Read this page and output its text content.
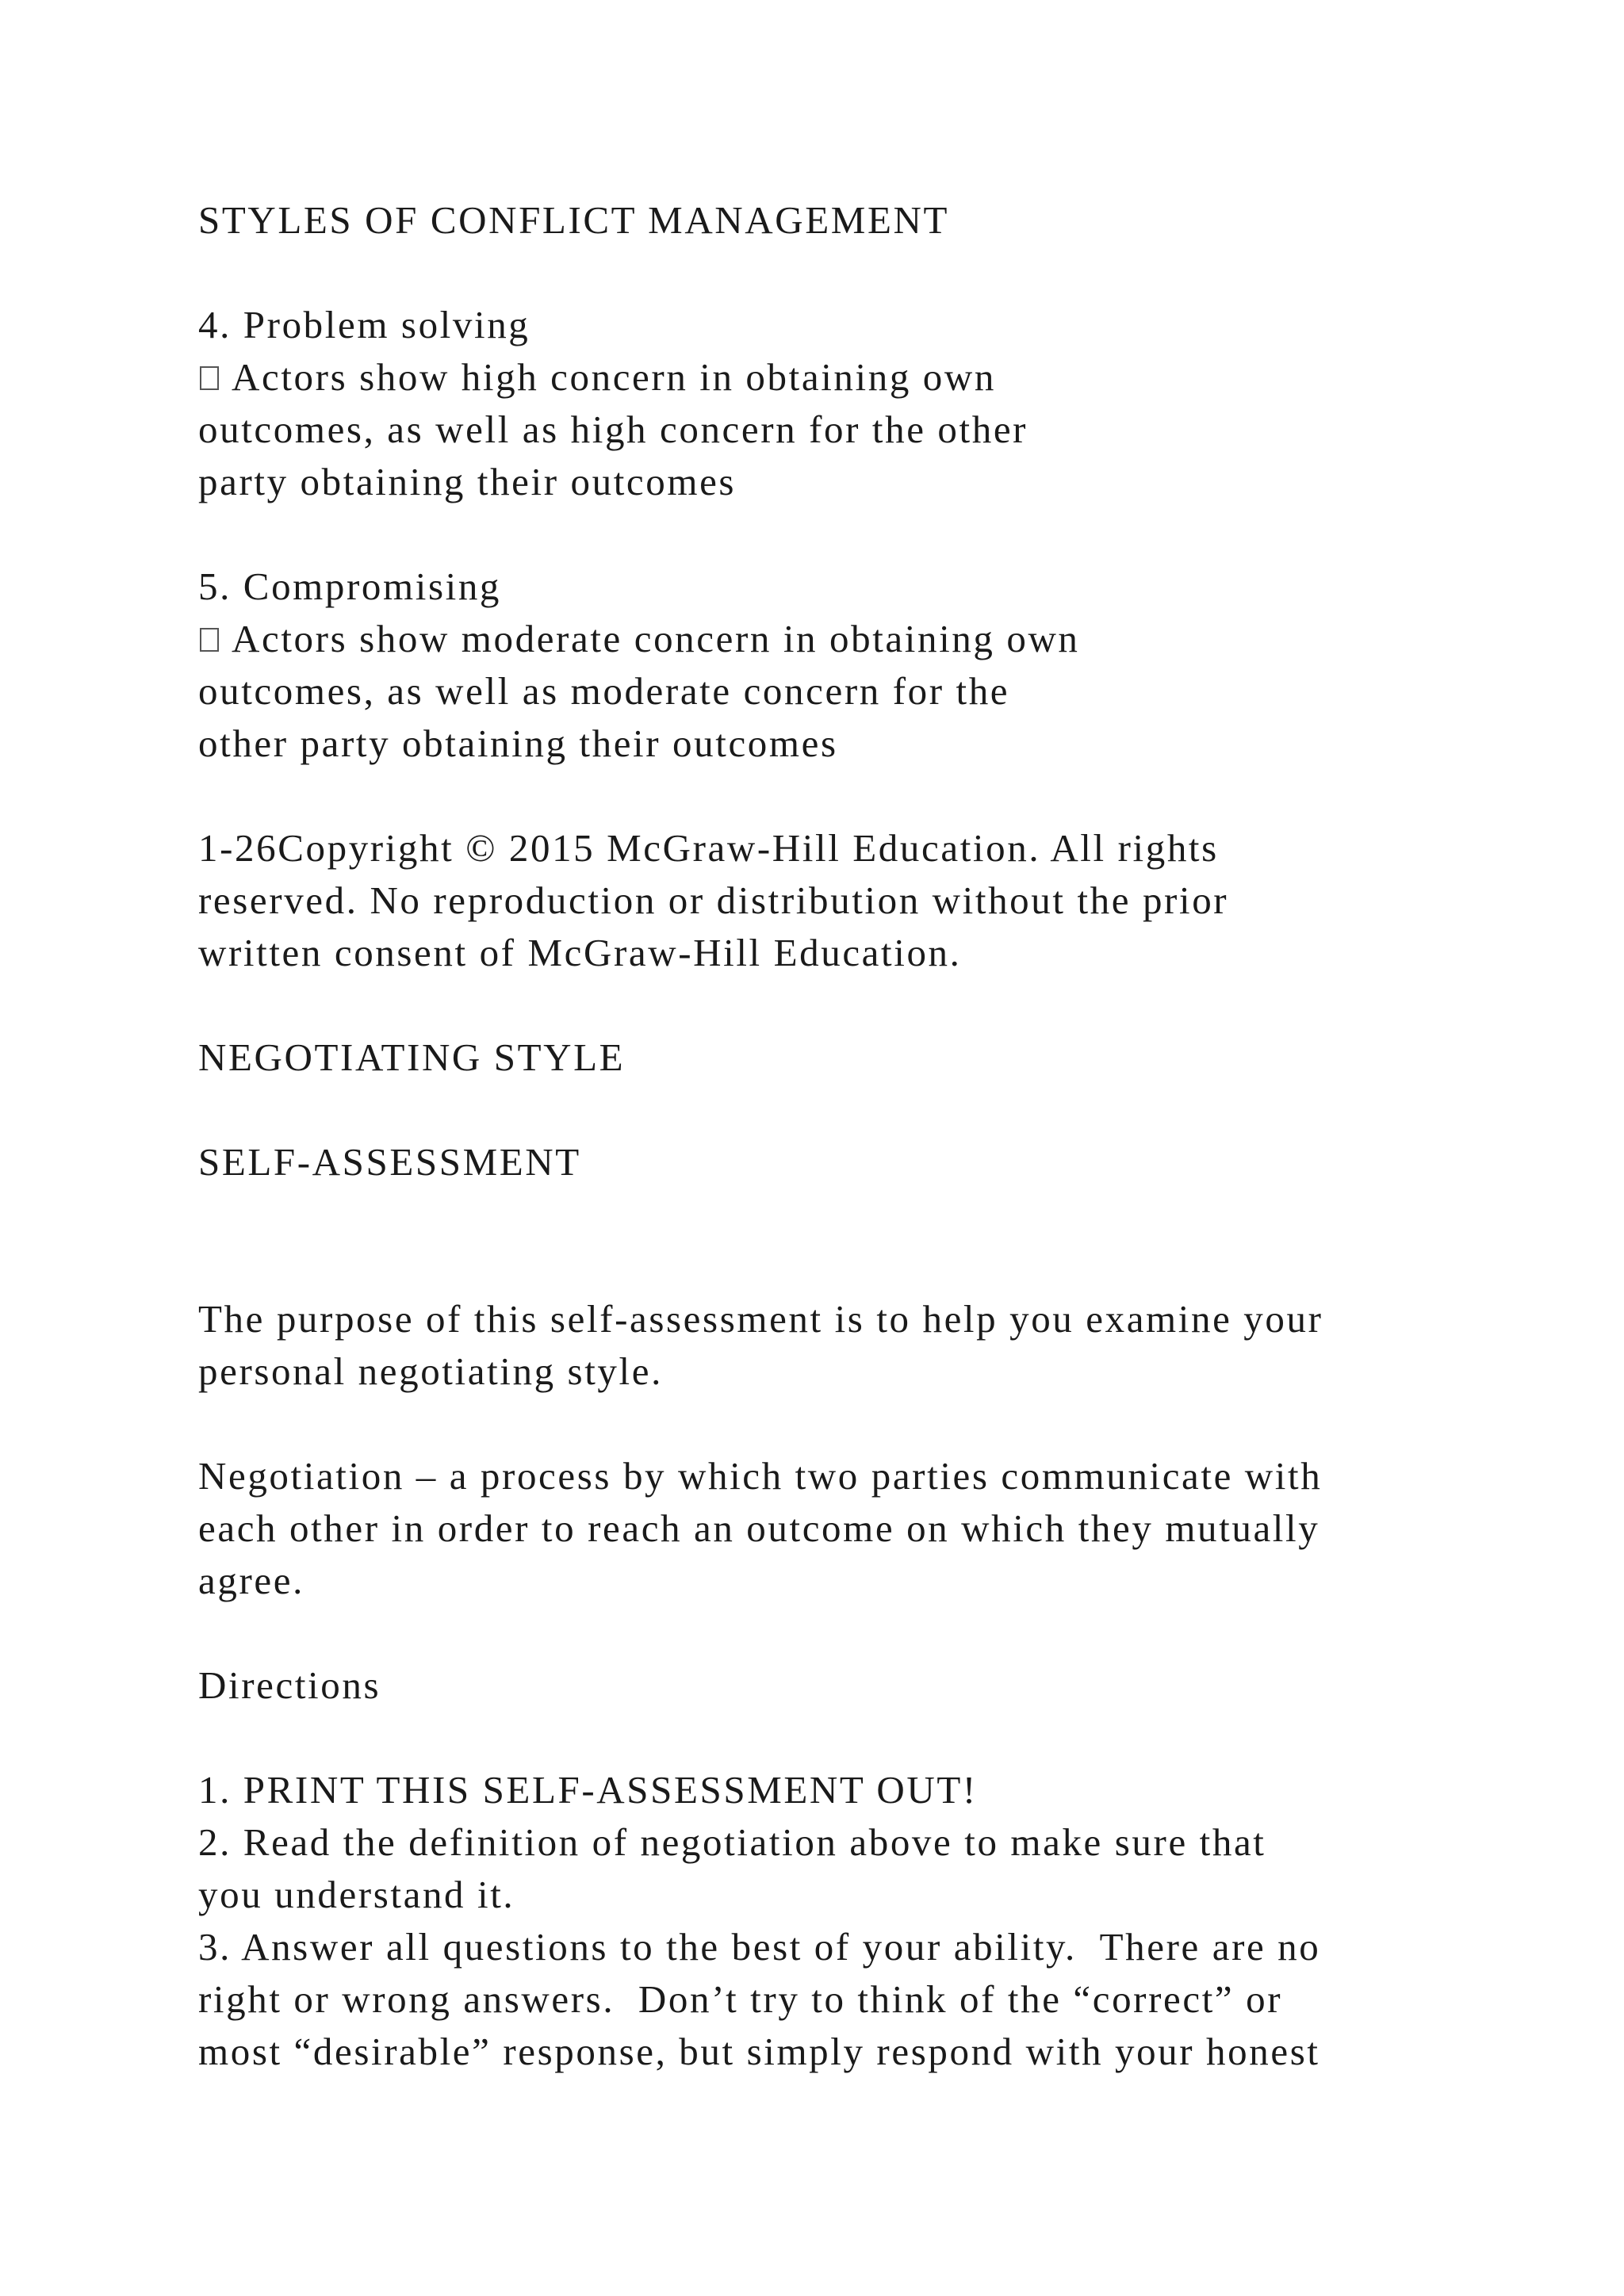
STYLES OF CONFLICT MANAGEMENT
4. Problem solving
Actors show high concern in obtaining own
outcomes, as well as high concern for the other
party obtaining their outcomes
5. Compromising
Actors show moderate concern in obtaining own
outcomes, as well as moderate concern for the
other party obtaining their outcomes
1-26Copyright © 2015 McGraw-Hill Education. All rights
reserved. No reproduction or distribution without the prior
written consent of McGraw-Hill Education.
NEGOTIATING STYLE
SELF-ASSESSMENT
The purpose of this self-assessment is to help you examine your
personal negotiating style.
Negotiation – a process by which two parties communicate with
each other in order to reach an outcome on which they mutually
agree.
Directions
1. PRINT THIS SELF-ASSESSMENT OUT!
2. Read the definition of negotiation above to make sure that
you understand it.
3. Answer all questions to the best of your ability.  There are no
right or wrong answers.  Don’t try to think of the “correct” or
most “desirable” response, but simply respond with your honest
